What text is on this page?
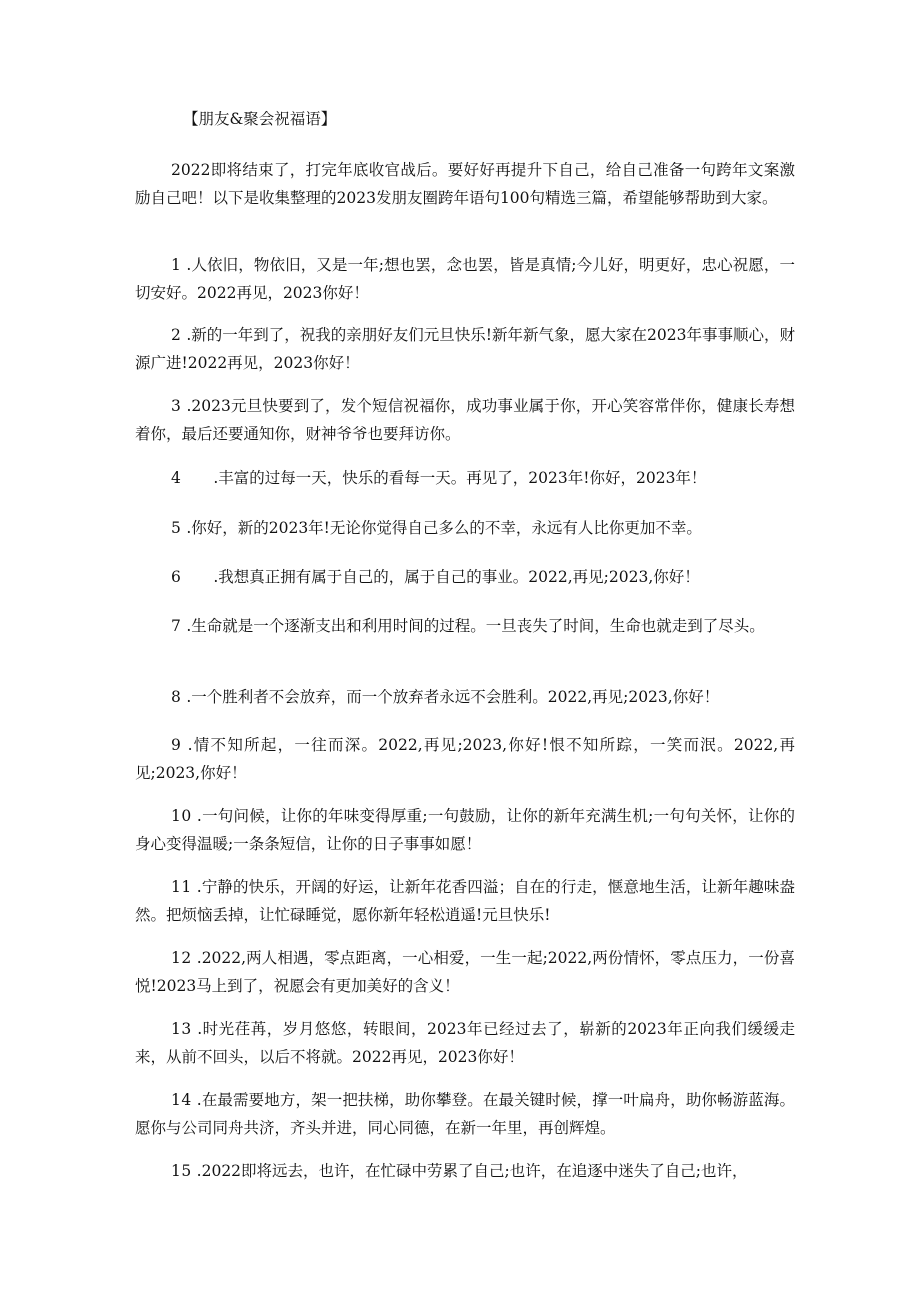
【朋友&聚会祝福语】

2022即将结束了，打完年底收官战后。要好好再提升下自己，给自己准备一句跨年文案激励自己吧！以下是收集整理的2023发朋友圈跨年语句100句精选三篇，希望能够帮助到大家。

1 .人依旧，物依旧，又是一年;想也罢，念也罢，皆是真情;今儿好，明更好，忠心祝愿，一切安好。2022再见，2023你好！

2 .新的一年到了，祝我的亲朋好友们元旦快乐!新年新气象，愿大家在2023年事事顺心，财源广进!2022再见，2023你好！

3 .2023元旦快要到了，发个短信祝福你，成功事业属于你，开心笑容常伴你，健康长寿想着你，最后还要通知你，财神爷爷也要拜访你。

4 .丰富的过每一天，快乐的看每一天。再见了，2023年!你好，2023年！

5 .你好，新的2023年!无论你觉得自己多么的不幸，永远有人比你更加不幸。

6 .我想真正拥有属于自己的，属于自己的事业。2022,再见;2023,你好！

7 .生命就是一个逐渐支出和利用时间的过程。一旦丧失了时间，生命也就走到了尽头。

8 .一个胜利者不会放弃，而一个放弃者永远不会胜利。2022,再见;2023,你好！

9 .情不知所起，一往而深。2022,再见;2023,你好!恨不知所踪，一笑而泯。2022,再见;2023,你好！

10 .一句问候，让你的年味变得厚重;一句鼓励，让你的新年充满生机;一句句关怀，让你的身心变得温暖;一条条短信，让你的日子事事如愿！

11 .宁静的快乐，开阔的好运，让新年花香四溢；自在的行走，惬意地生活，让新年趣味盎然。把烦恼丢掉，让忙碌睡觉，愿你新年轻松逍遥!元旦快乐!

12 .2022,两人相遇，零点距离，一心相爱，一生一起;2022,两份情怀，零点压力，一份喜悦!2023马上到了，祝愿会有更加美好的含义！

13 .时光荏苒，岁月悠悠，转眼间，2023年已经过去了，崭新的2023年正向我们缓缓走来，从前不回头，以后不将就。2022再见，2023你好！

14 .在最需要地方，架一把扶梯，助你攀登。在最关键时候，撑一叶扁舟，助你畅游蓝海。愿你与公司同舟共济，齐头并进，同心同德，在新一年里，再创辉煌。

15 .2022即将远去，也许，在忙碌中劳累了自己;也许，在追逐中迷失了自己;也许，
